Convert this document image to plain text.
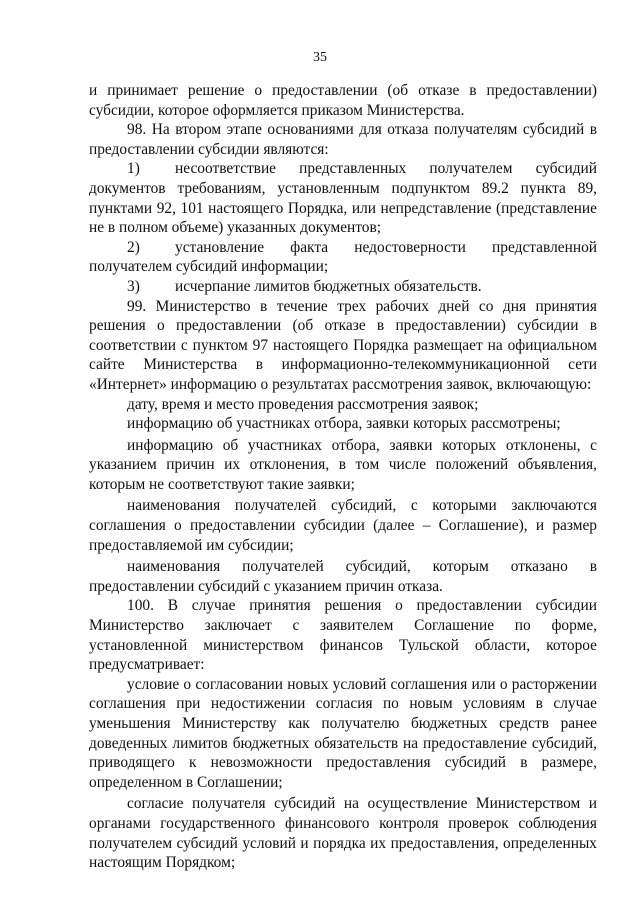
35

и принимает решение о предоставлении (об отказе в предоставлении) субсидии, которое оформляется приказом Министерства.

98. На втором этапе основаниями для отказа получателям субсидий в предоставлении субсидии являются:

1) несоответствие представленных получателем субсидий документов требованиям, установленным подпунктом 89.2 пункта 89, пунктами 92, 101 настоящего Порядка, или непредставление (представление не в полном объеме) указанных документов;

2) установление факта недостоверности представленной получателем субсидий информации;

3) исчерпание лимитов бюджетных обязательств.

99. Министерство в течение трех рабочих дней со дня принятия решения о предоставлении (об отказе в предоставлении) субсидии в соответствии с пунктом 97 настоящего Порядка размещает на официальном сайте Министерства в информационно-телекоммуникационной сети «Интернет» информацию о результатах рассмотрения заявок, включающую:

дату, время и место проведения рассмотрения заявок;

информацию об участниках отбора, заявки которых рассмотрены;

информацию об участниках отбора, заявки которых отклонены, с указанием причин их отклонения, в том числе положений объявления, которым не соответствуют такие заявки;

наименования получателей субсидий, с которыми заключаются соглашения о предоставлении субсидии (далее – Соглашение), и размер предоставляемой им субсидии;

наименования получателей субсидий, которым отказано в предоставлении субсидий с указанием причин отказа.

100. В случае принятия решения о предоставлении субсидии Министерство заключает с заявителем Соглашение по форме, установленной министерством финансов Тульской области, которое предусматривает:

условие о согласовании новых условий соглашения или о расторжении соглашения при недостижении согласия по новым условиям в случае уменьшения Министерству как получателю бюджетных средств ранее доведенных лимитов бюджетных обязательств на предоставление субсидий, приводящего к невозможности предоставления субсидий в размере, определенном в Соглашении;

согласие получателя субсидий на осуществление Министерством и органами государственного финансового контроля проверок соблюдения получателем субсидий условий и порядка их предоставления, определенных настоящим Порядком;
